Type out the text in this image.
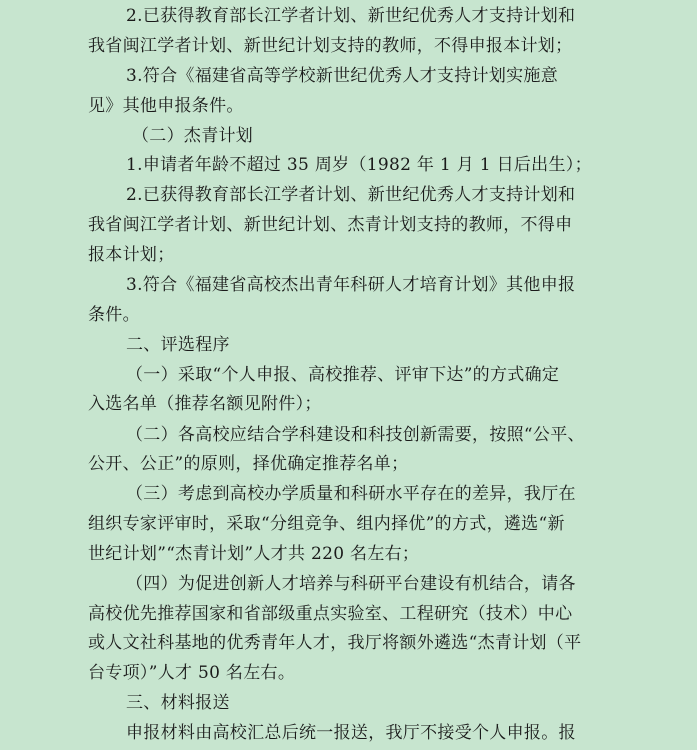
2.已获得教育部长江学者计划、新世纪优秀人才支持计划和
我省闽江学者计划、新世纪计划支持的教师，不得申报本计划；
3.符合《福建省高等学校新世纪优秀人才支持计划实施意
见》其他申报条件。
（二）杰青计划
1.申请者年龄不超过 35 周岁（1982 年 1 月 1 日后出生）；
2.已获得教育部长江学者计划、新世纪优秀人才支持计划和
我省闽江学者计划、新世纪计划、杰青计划支持的教师，不得申
报本计划；
3.符合《福建省高校杰出青年科研人才培育计划》其他申报
条件。
二、评选程序
（一）采取“个人申报、高校推荐、评审下达”的方式确定
入选名单（推荐名额见附件）；
（二）各高校应结合学科建设和科技创新需要，按照“公平、
公开、公正”的原则，择优确定推荐名单；
（三）考虑到高校办学质量和科研水平存在的差异，我厅在
组织专家评审时，采取“分组竞争、组内择优”的方式，遴选“新
世纪计划”“杰青计划”人才共 220 名左右；
（四）为促进创新人才培养与科研平台建设有机结合，请各
高校优先推荐国家和省部级重点实验室、工程研究（技术）中心
或人文社科基地的优秀青年人才，我厅将额外遴选“杰青计划（平
台专项）”人才 50 名左右。
三、材料报送
申报材料由高校汇总后统一报送，我厅不接受个人申报。报
